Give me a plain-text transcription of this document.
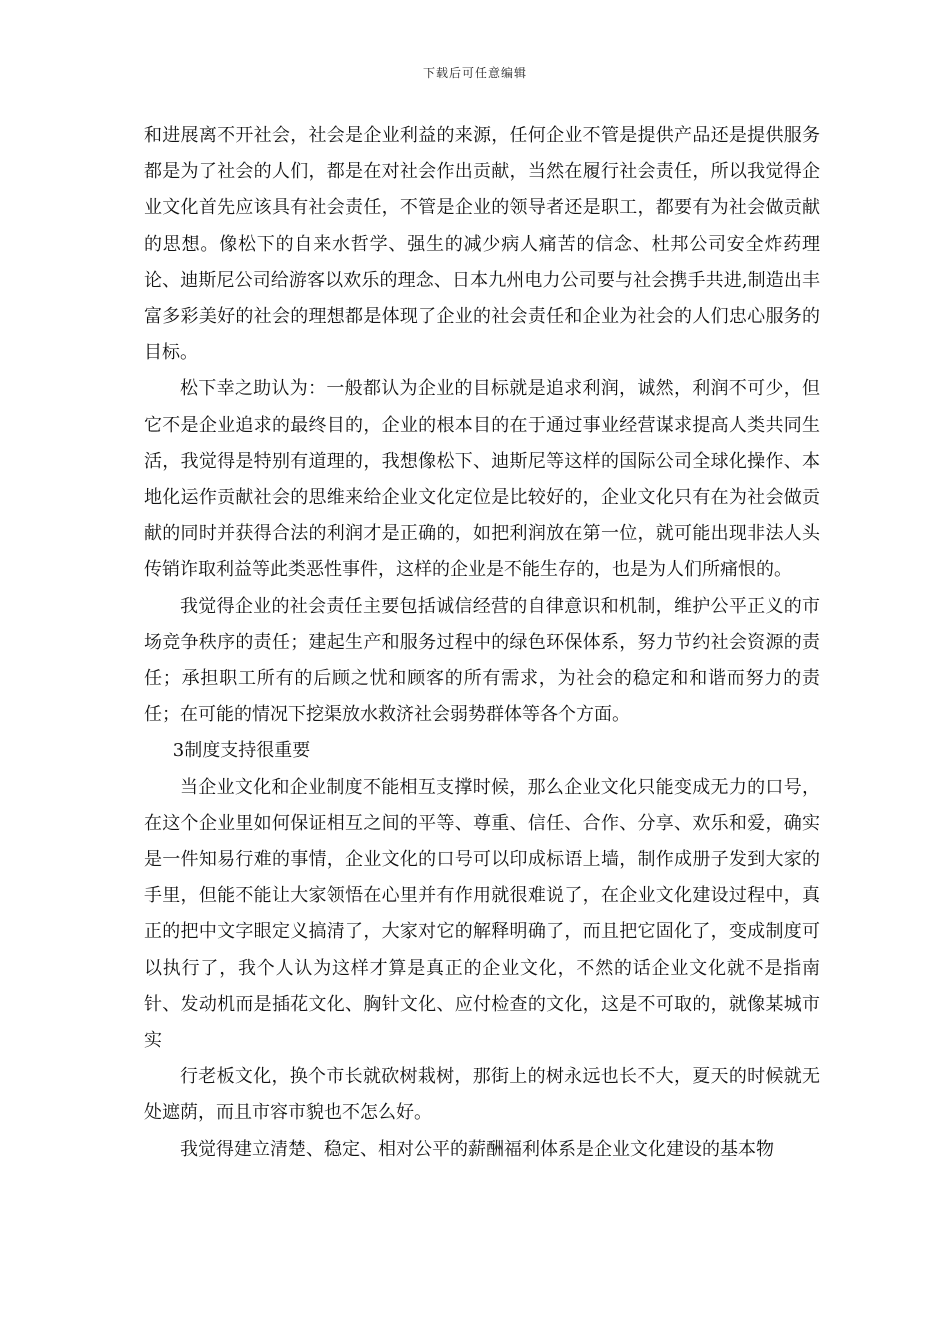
下载后可任意编辑

和进展离不开社会，社会是企业利益的来源，任何企业不管是提供产品还是提供服务都是为了社会的人们，都是在对社会作出贡献，当然在履行社会责任，所以我觉得企业文化首先应该具有社会责任，不管是企业的领导者还是职工，都要有为社会做贡献的思想。像松下的自来水哲学、强生的减少病人痛苦的信念、杜邦公司安全炸药理论、迪斯尼公司给游客以欢乐的理念、日本九州电力公司要与社会携手共进,制造出丰富多彩美好的社会的理想都是体现了企业的社会责任和企业为社会的人们忠心服务的目标。

松下幸之助认为：一般都认为企业的目标就是追求利润，诚然，利润不可少，但它不是企业追求的最终目的，企业的根本目的在于通过事业经营谋求提高人类共同生活，我觉得是特别有道理的，我想像松下、迪斯尼等这样的国际公司全球化操作、本地化运作贡献社会的思维来给企业文化定位是比较好的，企业文化只有在为社会做贡献的同时并获得合法的利润才是正确的，如把利润放在第一位，就可能出现非法人头传销诈取利益等此类恶性事件，这样的企业是不能生存的，也是为人们所痛恨的。

我觉得企业的社会责任主要包括诚信经营的自律意识和机制，维护公平正义的市场竞争秩序的责任；建起生产和服务过程中的绿色环保体系，努力节约社会资源的责任；承担职工所有的后顾之忧和顾客的所有需求，为社会的稳定和和谐而努力的责任；在可能的情况下挖渠放水救济社会弱势群体等各个方面。

3制度支持很重要

当企业文化和企业制度不能相互支撑时候，那么企业文化只能变成无力的口号，在这个企业里如何保证相互之间的平等、尊重、信任、合作、分享、欢乐和爱，确实是一件知易行难的事情，企业文化的口号可以印成标语上墙，制作成册子发到大家的手里，但能不能让大家领悟在心里并有作用就很难说了，在企业文化建设过程中，真正的把中文字眼定义搞清了，大家对它的解释明确了，而且把它固化了，变成制度可以执行了，我个人认为这样才算是真正的企业文化，不然的话企业文化就不是指南针、发动机而是插花文化、胸针文化、应付检查的文化，这是不可取的，就像某城市实

行老板文化，换个市长就砍树栽树，那街上的树永远也长不大，夏天的时候就无处遮荫，而且市容市貌也不怎么好。

我觉得建立清楚、稳定、相对公平的薪酬福利体系是企业文化建设的基本物
